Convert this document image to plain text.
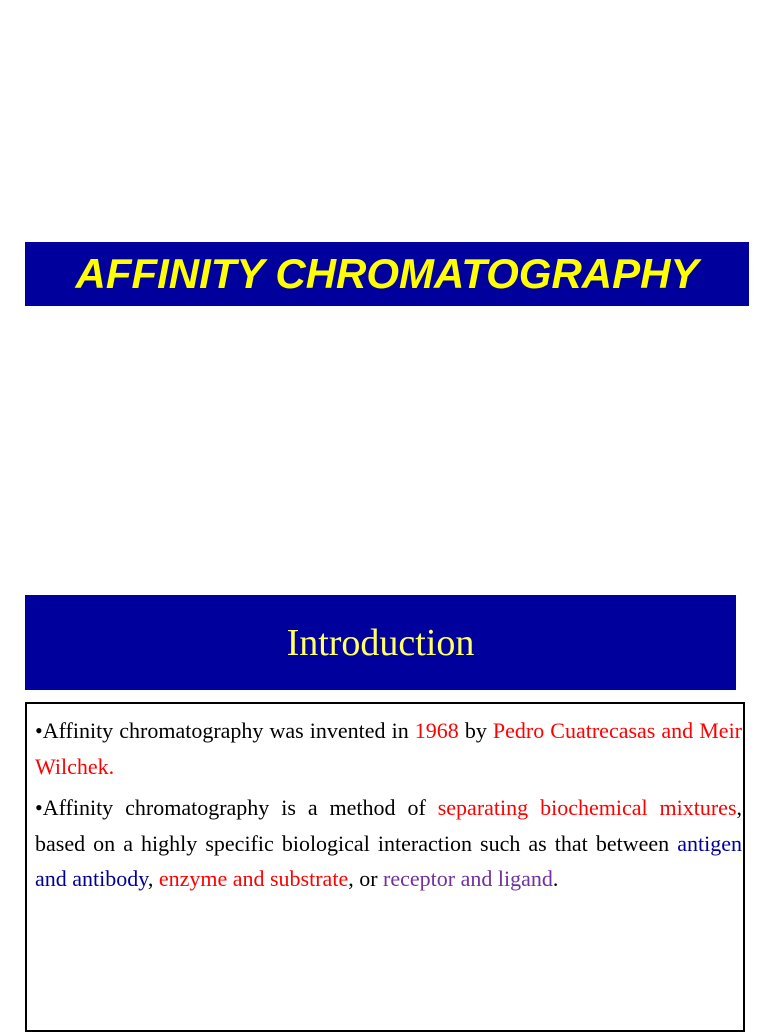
AFFINITY CHROMATOGRAPHY
Introduction

•Affinity chromatography was invented in 1968 by Pedro Cuatrecasas and Meir Wilchek.

•Affinity chromatography is a method of separating biochemical mixtures, based on a highly specific biological interaction such as that between antigen and antibody, enzyme and substrate, or receptor and ligand.
